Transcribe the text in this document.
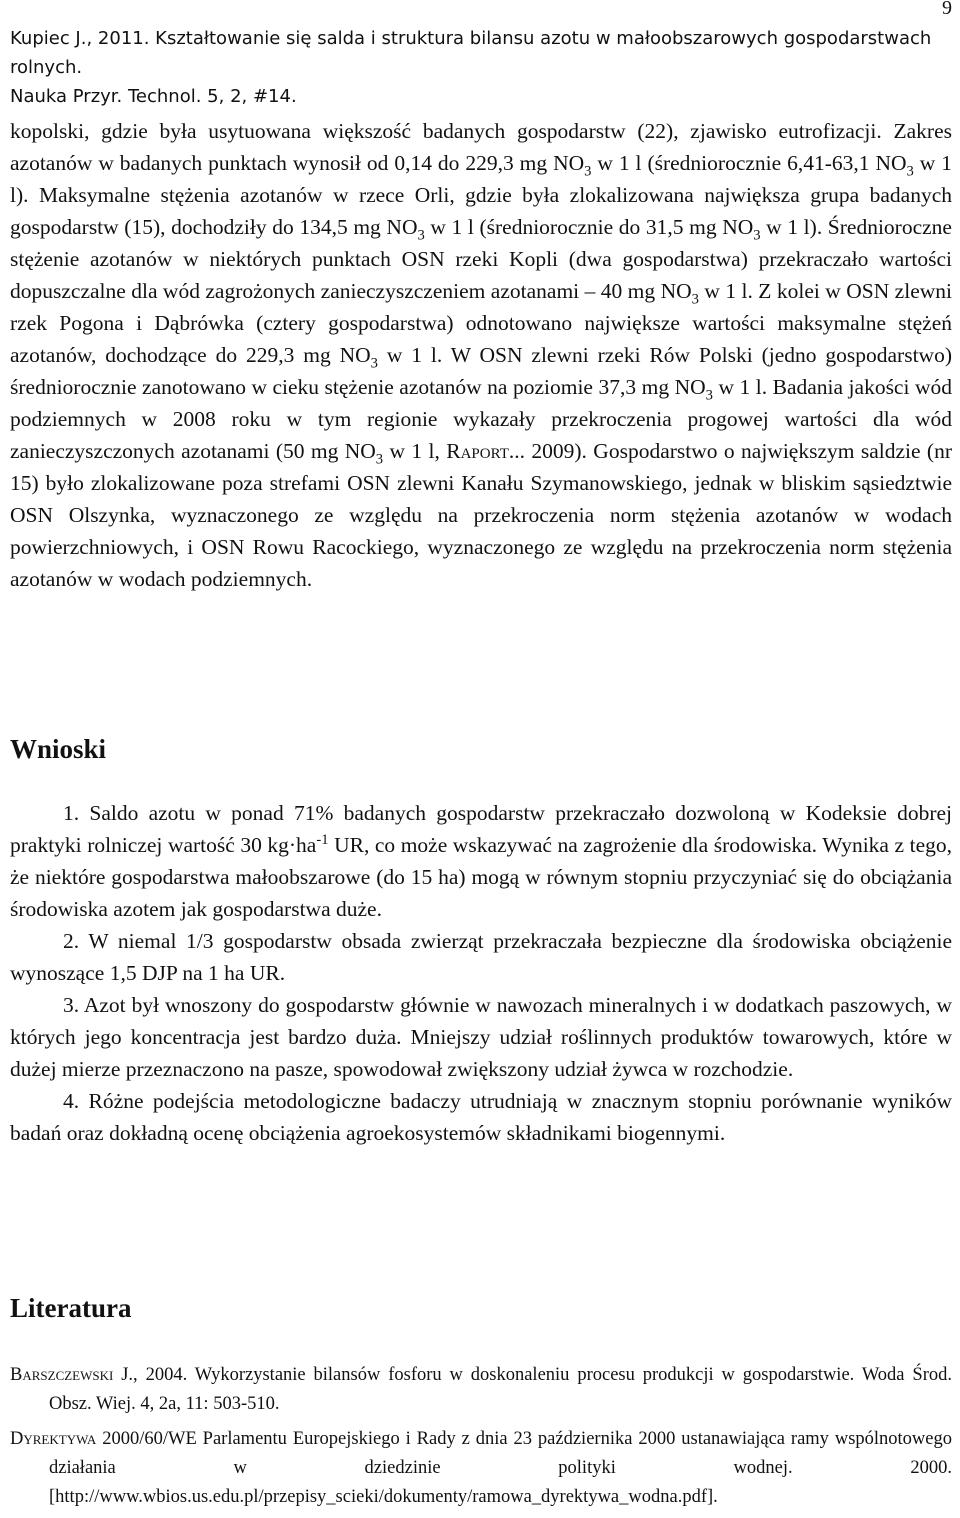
Kupiec J., 2011. Kształtowanie się salda i struktura bilansu azotu w małoobszarowych gospodarstwach rolnych.
Nauka Przyr. Technol. 5, 2, #14.
9

kopolski, gdzie była usytuowana większość badanych gospodarstw (22), zjawisko eutrofizacji. Zakres azotanów w badanych punktach wynosił od 0,14 do 229,3 mg $NO_3$ w 1 l (średniorocznie 6,41-63,1 $NO_3$ w 1 l). Maksymalne stężenia azotanów w rzece Orli, gdzie była zlokalizowana największa grupa badanych gospodarstw (15), dochodziły do 134,5 mg $NO_3$ w 1 l (średniorocznie do 31,5 mg $NO_3$ w 1 l). Średnioroczne stężenie azotanów w niektórych punktach OSN rzeki Kopli (dwa gospodarstwa) przekraczało wartości dopuszczalne dla wód zagrożonych zanieczyszczeniem azotanami – 40 mg $NO_3$ w 1 l. Z kolei w OSN zlewni rzek Pogona i Dąbrówka (cztery gospodarstwa) odnotowano największe wartości maksymalne stężeń azotanów, dochodzące do 229,3 mg $NO_3$ w 1 l. W OSN zlewni rzeki Rów Polski (jedno gospodarstwo) średniorocznie zanotowano w cieku stężenie azotanów na poziomie 37,3 mg $NO_3$ w 1 l. Badania jakości wód podziemnych w 2008 roku w tym regionie wykazały przekroczenia progowej wartości dla wód zanieczyszczonych azotanami (50 mg $NO_3$ w 1 l, Raport... 2009). Gospodarstwo o największym saldzie (nr 15) było zlokalizowane poza strefami OSN zlewni Kanału Szymanowskiego, jednak w bliskim sąsiedztwie OSN Olszynka, wyznaczonego ze względu na przekroczenia norm stężenia azotanów w wodach powierzchniowych, i OSN Rowu Racockiego, wyznaczonego ze względu na przekroczenia norm stężenia azotanów w wodach podziemnych.

Wnioski

1. Saldo azotu w ponad 71% badanych gospodarstw przekraczało dozwoloną w Kodeksie dobrej praktyki rolniczej wartość 30 $kg\cdot ha^{-1}$ UR, co może wskazywać na zagrożenie dla środowiska. Wynika z tego, że niektóre gospodarstwa małoobszarowe (do 15 ha) mogą w równym stopniu przyczyniać się do obciążania środowiska azotem jak gospodarstwa duże.

2. W niemal 1/3 gospodarstw obsada zwierząt przekraczała bezpieczne dla środowiska obciążenie wynoszące 1,5 DJP na 1 ha UR.

3. Azot był wnoszony do gospodarstw głównie w nawozach mineralnych i w dodatkach paszowych, w których jego koncentracja jest bardzo duża. Mniejszy udział roślinnych produktów towarowych, które w dużej mierze przeznaczono na pasze, spowodował zwiększony udział żywca w rozchodzie.

4. Różne podejścia metodologiczne badaczy utrudniają w znacznym stopniu porównanie wyników badań oraz dokładną ocenę obciążenia agroekosystemów składnikami biogennymi.

Literatura

Barszczewski J., 2004. Wykorzystanie bilansów fosforu w doskonaleniu procesu produkcji w gospodarstwie. Woda Środ. Obsz. Wiej. 4, 2a, 11: 503-510.

Dyrektywa 2000/60/WE Parlamentu Europejskiego i Rady z dnia 23 października 2000 ustanawiająca ramy wspólnotowego działania w dziedzinie polityki wodnej. 2000. [http://www.wbios.us.edu.pl/przepisy_scieki/dokumenty/ramowa_dyrektywa_wodna.pdf].
